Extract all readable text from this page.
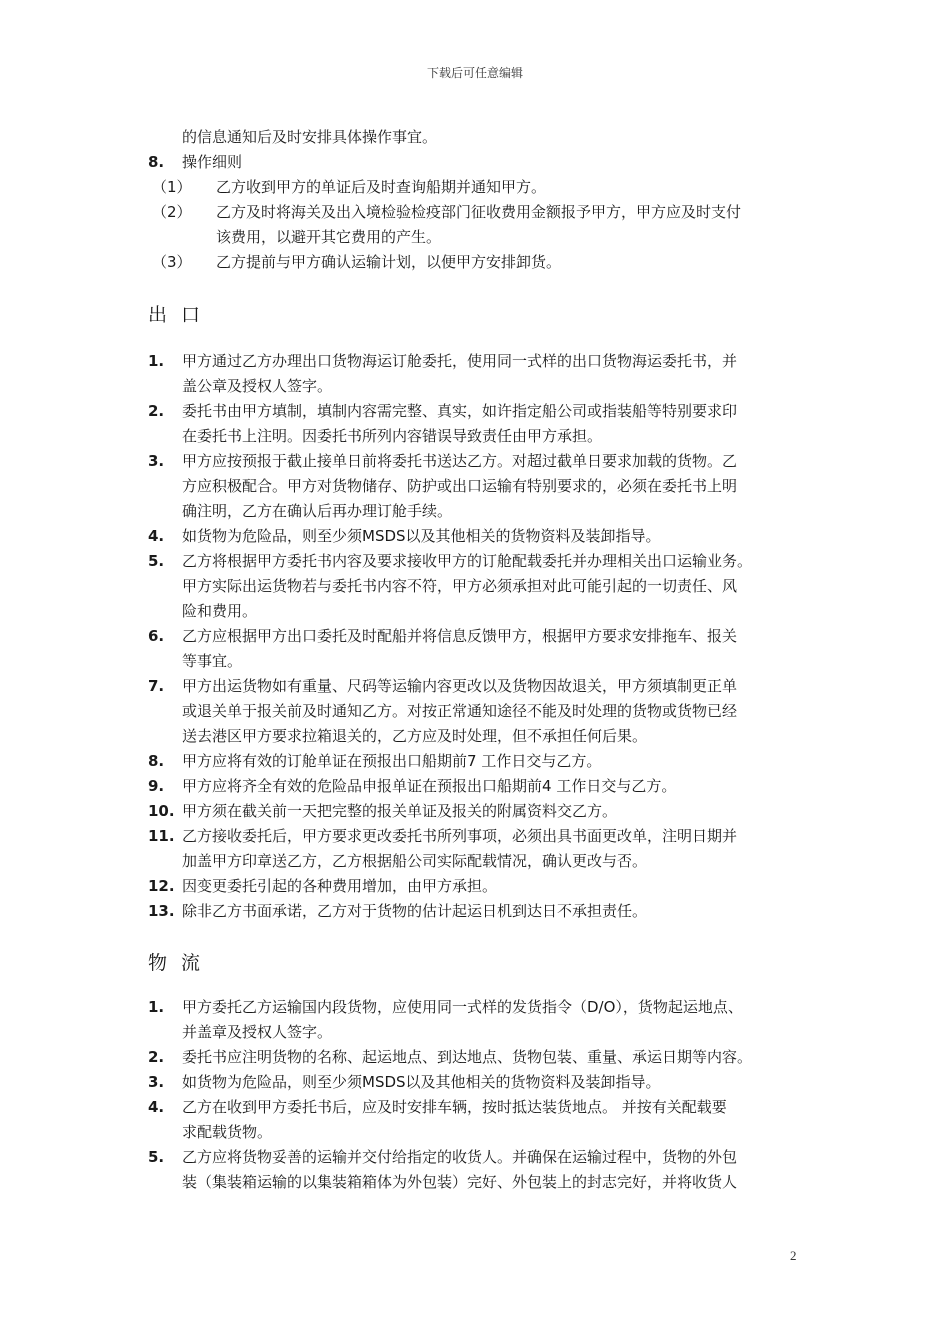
下载后可任意编辑
的信息通知后及时安排具体操作事宜。
8. 操作细则
（1） 乙方收到甲方的单证后及时查询船期并通知甲方。
（2） 乙方及时将海关及出入境检验检疫部门征收费用金额报予甲方，甲方应及时支付
该费用，以避开其它费用的产生。
（3） 乙方提前与甲方确认运输计划，以便甲方安排卸货。
出口
1. 甲方通过乙方办理出口货物海运订舱委托，使用同一式样的出口货物海运委托书，并
盖公章及授权人签字。
2. 委托书由甲方填制，填制内容需完整、真实，如许指定船公司或指装船等特别要求印
在委托书上注明。因委托书所列内容错误导致责任由甲方承担。
3. 甲方应按预报于截止接单日前将委托书送达乙方。对超过截单日要求加载的货物。乙
方应积极配合。甲方对货物储存、防护或出口运输有特别要求的，必须在委托书上明
确注明，乙方在确认后再办理订舱手续。
4. 如货物为危险品，则至少须MSDS以及其他相关的货物资料及装卸指导。
5. 乙方将根据甲方委托书内容及要求接收甲方的订舱配载委托并办理相关出口运输业务。
甲方实际出运货物若与委托书内容不符，甲方必须承担对此可能引起的一切责任、风
险和费用。
6. 乙方应根据甲方出口委托及时配船并将信息反馈甲方，根据甲方要求安排拖车、报关
等事宜。
7. 甲方出运货物如有重量、尺码等运输内容更改以及货物因故退关，甲方须填制更正单
或退关单于报关前及时通知乙方。对按正常通知途径不能及时处理的货物或货物已经
送去港区甲方要求拉箱退关的，乙方应及时处理，但不承担任何后果。
8. 甲方应将有效的订舱单证在预报出口船期前7 工作日交与乙方。
9. 甲方应将齐全有效的危险品申报单证在预报出口船期前4 工作日交与乙方。
10. 甲方须在截关前一天把完整的报关单证及报关的附属资料交乙方。
11. 乙方接收委托后，甲方要求更改委托书所列事项，必须出具书面更改单，注明日期并
加盖甲方印章送乙方，乙方根据船公司实际配载情况，确认更改与否。
12. 因变更委托引起的各种费用增加，由甲方承担。
13. 除非乙方书面承诺，乙方对于货物的估计起运日机到达日不承担责任。
物流
1. 甲方委托乙方运输国内段货物，应使用同一式样的发货指令（D/O），货物起运地点、
并盖章及授权人签字。
2. 委托书应注明货物的名称、起运地点、到达地点、货物包装、重量、承运日期等内容。
3. 如货物为危险品，则至少须MSDS以及其他相关的货物资料及装卸指导。
4. 乙方在收到甲方委托书后，应及时安排车辆，按时抵达装货地点。 并按有关配载要
求配载货物。
5. 乙方应将货物妥善的运输并交付给指定的收货人。并确保在运输过程中，货物的外包
装（集装箱运输的以集装箱箱体为外包装）完好、外包装上的封志完好，并将收货人
2
